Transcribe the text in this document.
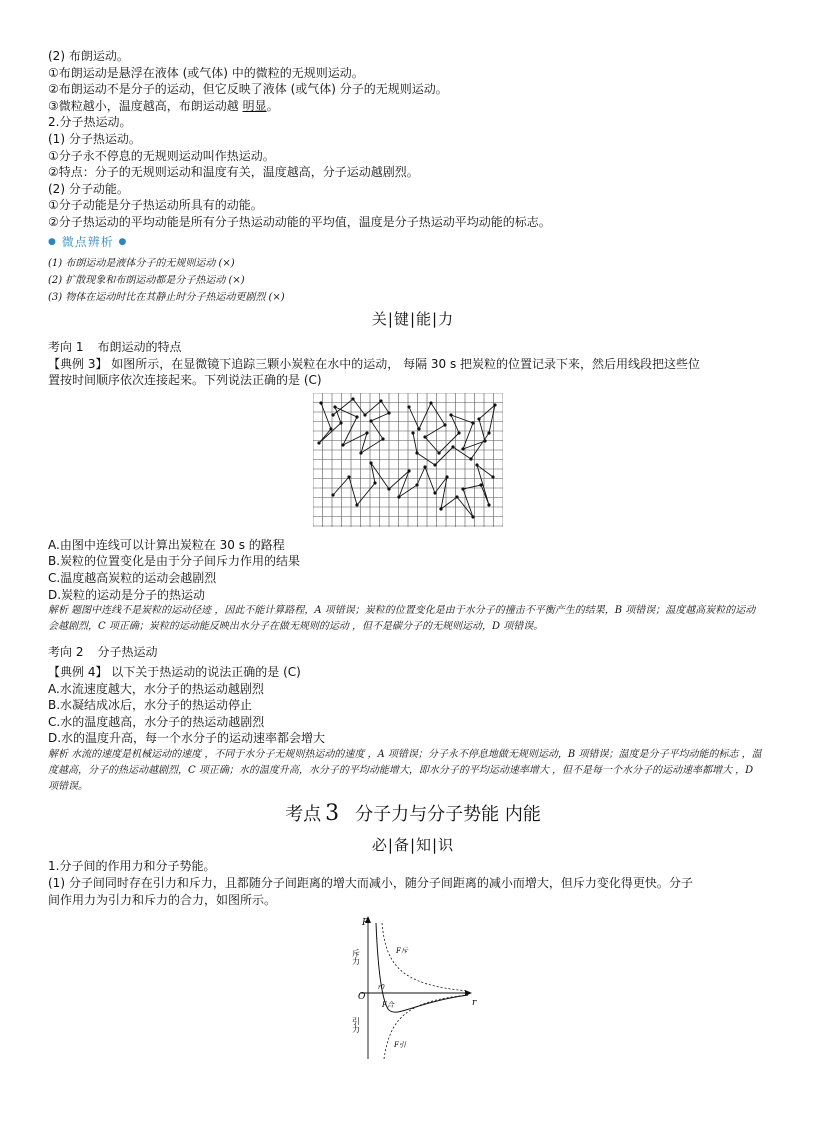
(2) 布朗运动。
①布朗运动是悬浮在液体 (或气体) 中的微粒的无规则运动。
②布朗运动不是分子的运动，但它反映了液体 (或气体) 分子的无规则运动。
③微粒越小，温度越高，布朗运动越 明显。
2.分子热运动。
(1) 分子热运动。
①分子永不停息的无规则运动叫作热运动。
②特点：分子的无规则运动和温度有关，温度越高，分子运动越剧烈。
(2) 分子动能。
①分子动能是分子热运动所具有的动能。
②分子热运动的平均动能是所有分子热运动动能的平均值，温度是分子热运动平均动能的标志。
● 微点辨析 ●
(1) 布朗运动是液体分子的无规则运动 (×)
(2) 扩散现象和布朗运动都是分子热运动 (×)
(3) 物体在运动时比在其静止时分子热运动更剧烈 (×)
关|键|能|力
考向 1 布朗运动的特点
【典例 3】 如图所示，在显微镜下追踪三颗小炭粒在水中的运动， 每隔 30 s 把炭粒的位置记录下来，然后用线段把这些位
置按时间顺序依次连接起来。下列说法正确的是 (C)
A.由图中连线可以计算出炭粒在 30 s 的路程
B.炭粒的位置变化是由于分子间斥力作用的结果
C.温度越高炭粒的运动会越剧烈
D.炭粒的运动是分子的热运动
解析 题图中连线不是炭粒的运动径迹 ，因此不能计算路程，A 项错误；炭粒的位置变化是由于水分子的撞击不平衡产生的结果，B 项错误；温度越高炭粒的运动会越剧烈，C 项正确；炭粒的运动能反映出水分子在做无规则的运动 ，但不是碳分子的无规则运动，D 项错误。
考向 2 分子热运动
【典例 4】 以下关于热运动的说法正确的是 (C)
A.水流速度越大，水分子的热运动越剧烈
B.水凝结成冰后，水分子的热运动停止
C.水的温度越高，水分子的热运动越剧烈
D.水的温度升高，每一个水分子的运动速率都会增大
解析 水流的速度是机械运动的速度 ，不同于水分子无规则热运动的速度 ，A 项错误；分子永不停息地做无规则运动，B 项错误；温度是分子平均动能的标志 ，温度越高，分子的热运动越剧烈，C 项正确；水的温度升高，水分子的平均动能增大，即水分子的平均运动速率增大 ，但不是每一个水分子的运动速率都增大 ，D 项错误。
考点 3 分子力与分子势能 内能
必|备|知|识
1.分子间的作用力和分子势能。
(1) 分子间同时存在引力和斥力，且都随分子间距离的增大而减小，随分子间距离的减小而增大，但斥力变化得更快。分子
间作用力为引力和斥力的合力，如图所示。
F
r
O
斥力
引力
F斥
F引
F合
r0
